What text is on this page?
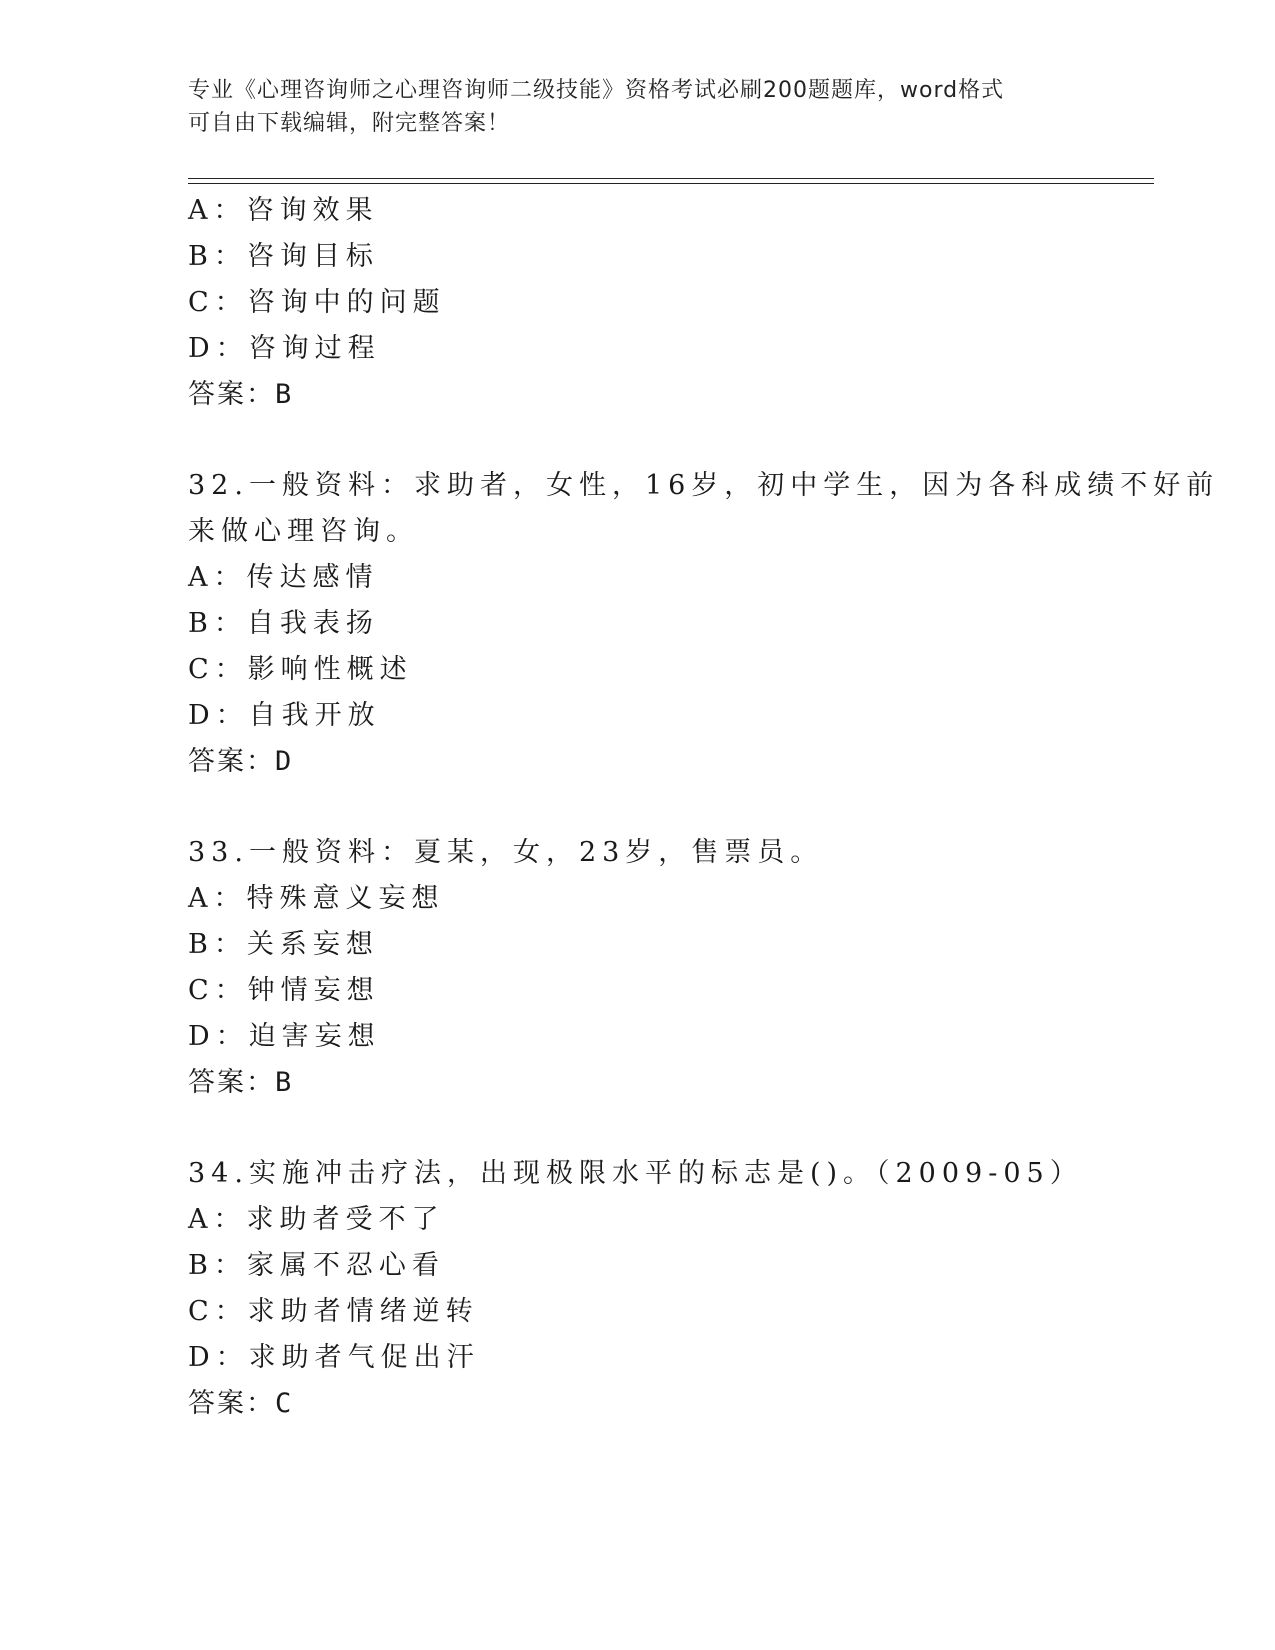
专业《心理咨询师之心理咨询师二级技能》资格考试必刷200题题库，word格式
可自由下载编辑，附完整答案！
A：咨询效果
B：咨询目标
C：咨询中的问题
D：咨询过程
答案：B
32.一般资料：求助者，女性，16岁，初中学生，因为各科成绩不好前
来做心理咨询。
A：传达感情
B：自我表扬
C：影响性概述
D：自我开放
答案：D
33.一般资料：夏某，女，23岁，售票员。
A：特殊意义妄想
B：关系妄想
C：钟情妄想
D：迫害妄想
答案：B
34.实施冲击疗法，出现极限水平的标志是()。（2009-05）
A：求助者受不了
B：家属不忍心看
C：求助者情绪逆转
D：求助者气促出汗
答案：C
